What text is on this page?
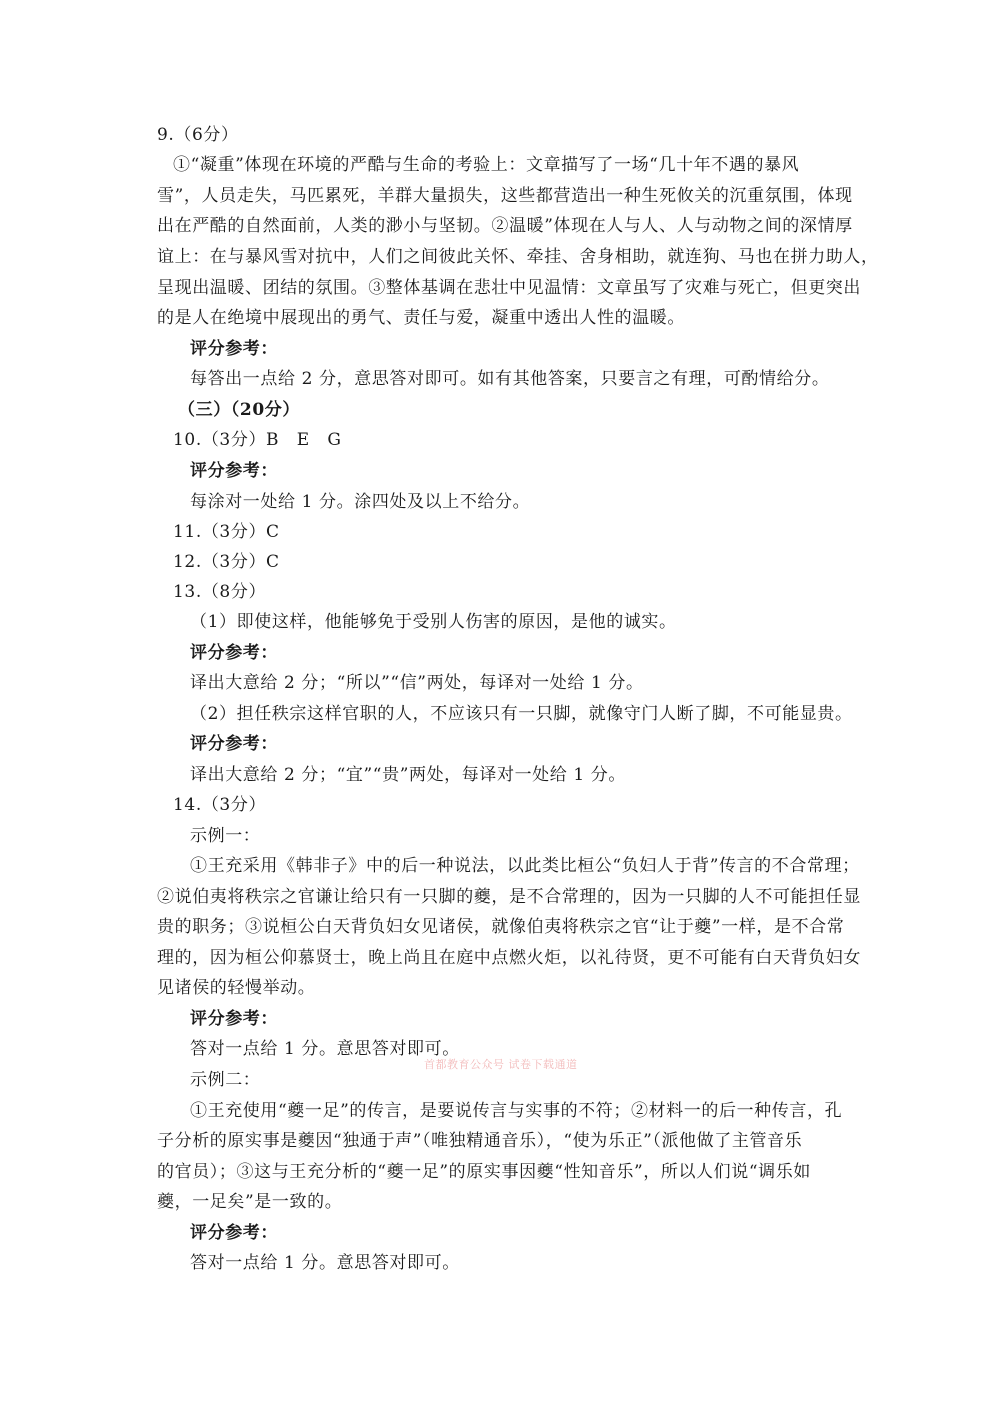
9.（6分）
①“凝重”体现在环境的严酷与生命的考验上：文章描写了一场“几十年不遇的暴风
雪”，人员走失，马匹累死，羊群大量损失，这些都营造出一种生死攸关的沉重氛围，体现
出在严酷的自然面前，人类的渺小与坚韧。②温暖”体现在人与人、人与动物之间的深情厚
谊上：在与暴风雪对抗中，人们之间彼此关怀、牵挂、舍身相助，就连狗、马也在拼力助人，
呈现出温暖、团结的氛围。③整体基调在悲壮中见温情：文章虽写了灾难与死亡，但更突出
的是人在绝境中展现出的勇气、责任与爱，凝重中透出人性的温暖。
评分参考：
每答出一点给 2 分，意思答对即可。如有其他答案，只要言之有理，可酌情给分。
（三）（20分）
10.（3分）B　E　G
评分参考：
每涂对一处给 1 分。涂四处及以上不给分。
11.（3分）C
12.（3分）C
13.（8分）
（1）即使这样，他能够免于受别人伤害的原因，是他的诚实。
评分参考：
译出大意给 2 分；“所以”“信”两处，每译对一处给 1 分。
（2）担任秩宗这样官职的人，不应该只有一只脚，就像守门人断了脚，不可能显贵。
评分参考：
译出大意给 2 分；“宜”“贵”两处，每译对一处给 1 分。
14.（3分）
示例一：
①王充采用《韩非子》中的后一种说法，以此类比桓公“负妇人于背”传言的不合常理；
②说伯夷将秩宗之官谦让给只有一只脚的夔，是不合常理的，因为一只脚的人不可能担任显
贵的职务；③说桓公白天背负妇女见诸侯，就像伯夷将秩宗之官“让于夔”一样，是不合常
理的，因为桓公仰慕贤士，晚上尚且在庭中点燃火炬，以礼待贤，更不可能有白天背负妇女
见诸侯的轻慢举动。
评分参考：
答对一点给 1 分。意思答对即可。
示例二：
首都教育公众号 试卷下载通道
①王充使用“夔一足”的传言，是要说传言与实事的不符；②材料一的后一种传言，孔
子分析的原实事是夔因“独通于声”（唯独精通音乐），“使为乐正”（派他做了主管音乐
的官员）；③这与王充分析的“夔一足”的原实事因夔“性知音乐”，所以人们说“调乐如
夔，一足矣”是一致的。
评分参考：
答对一点给 1 分。意思答对即可。
